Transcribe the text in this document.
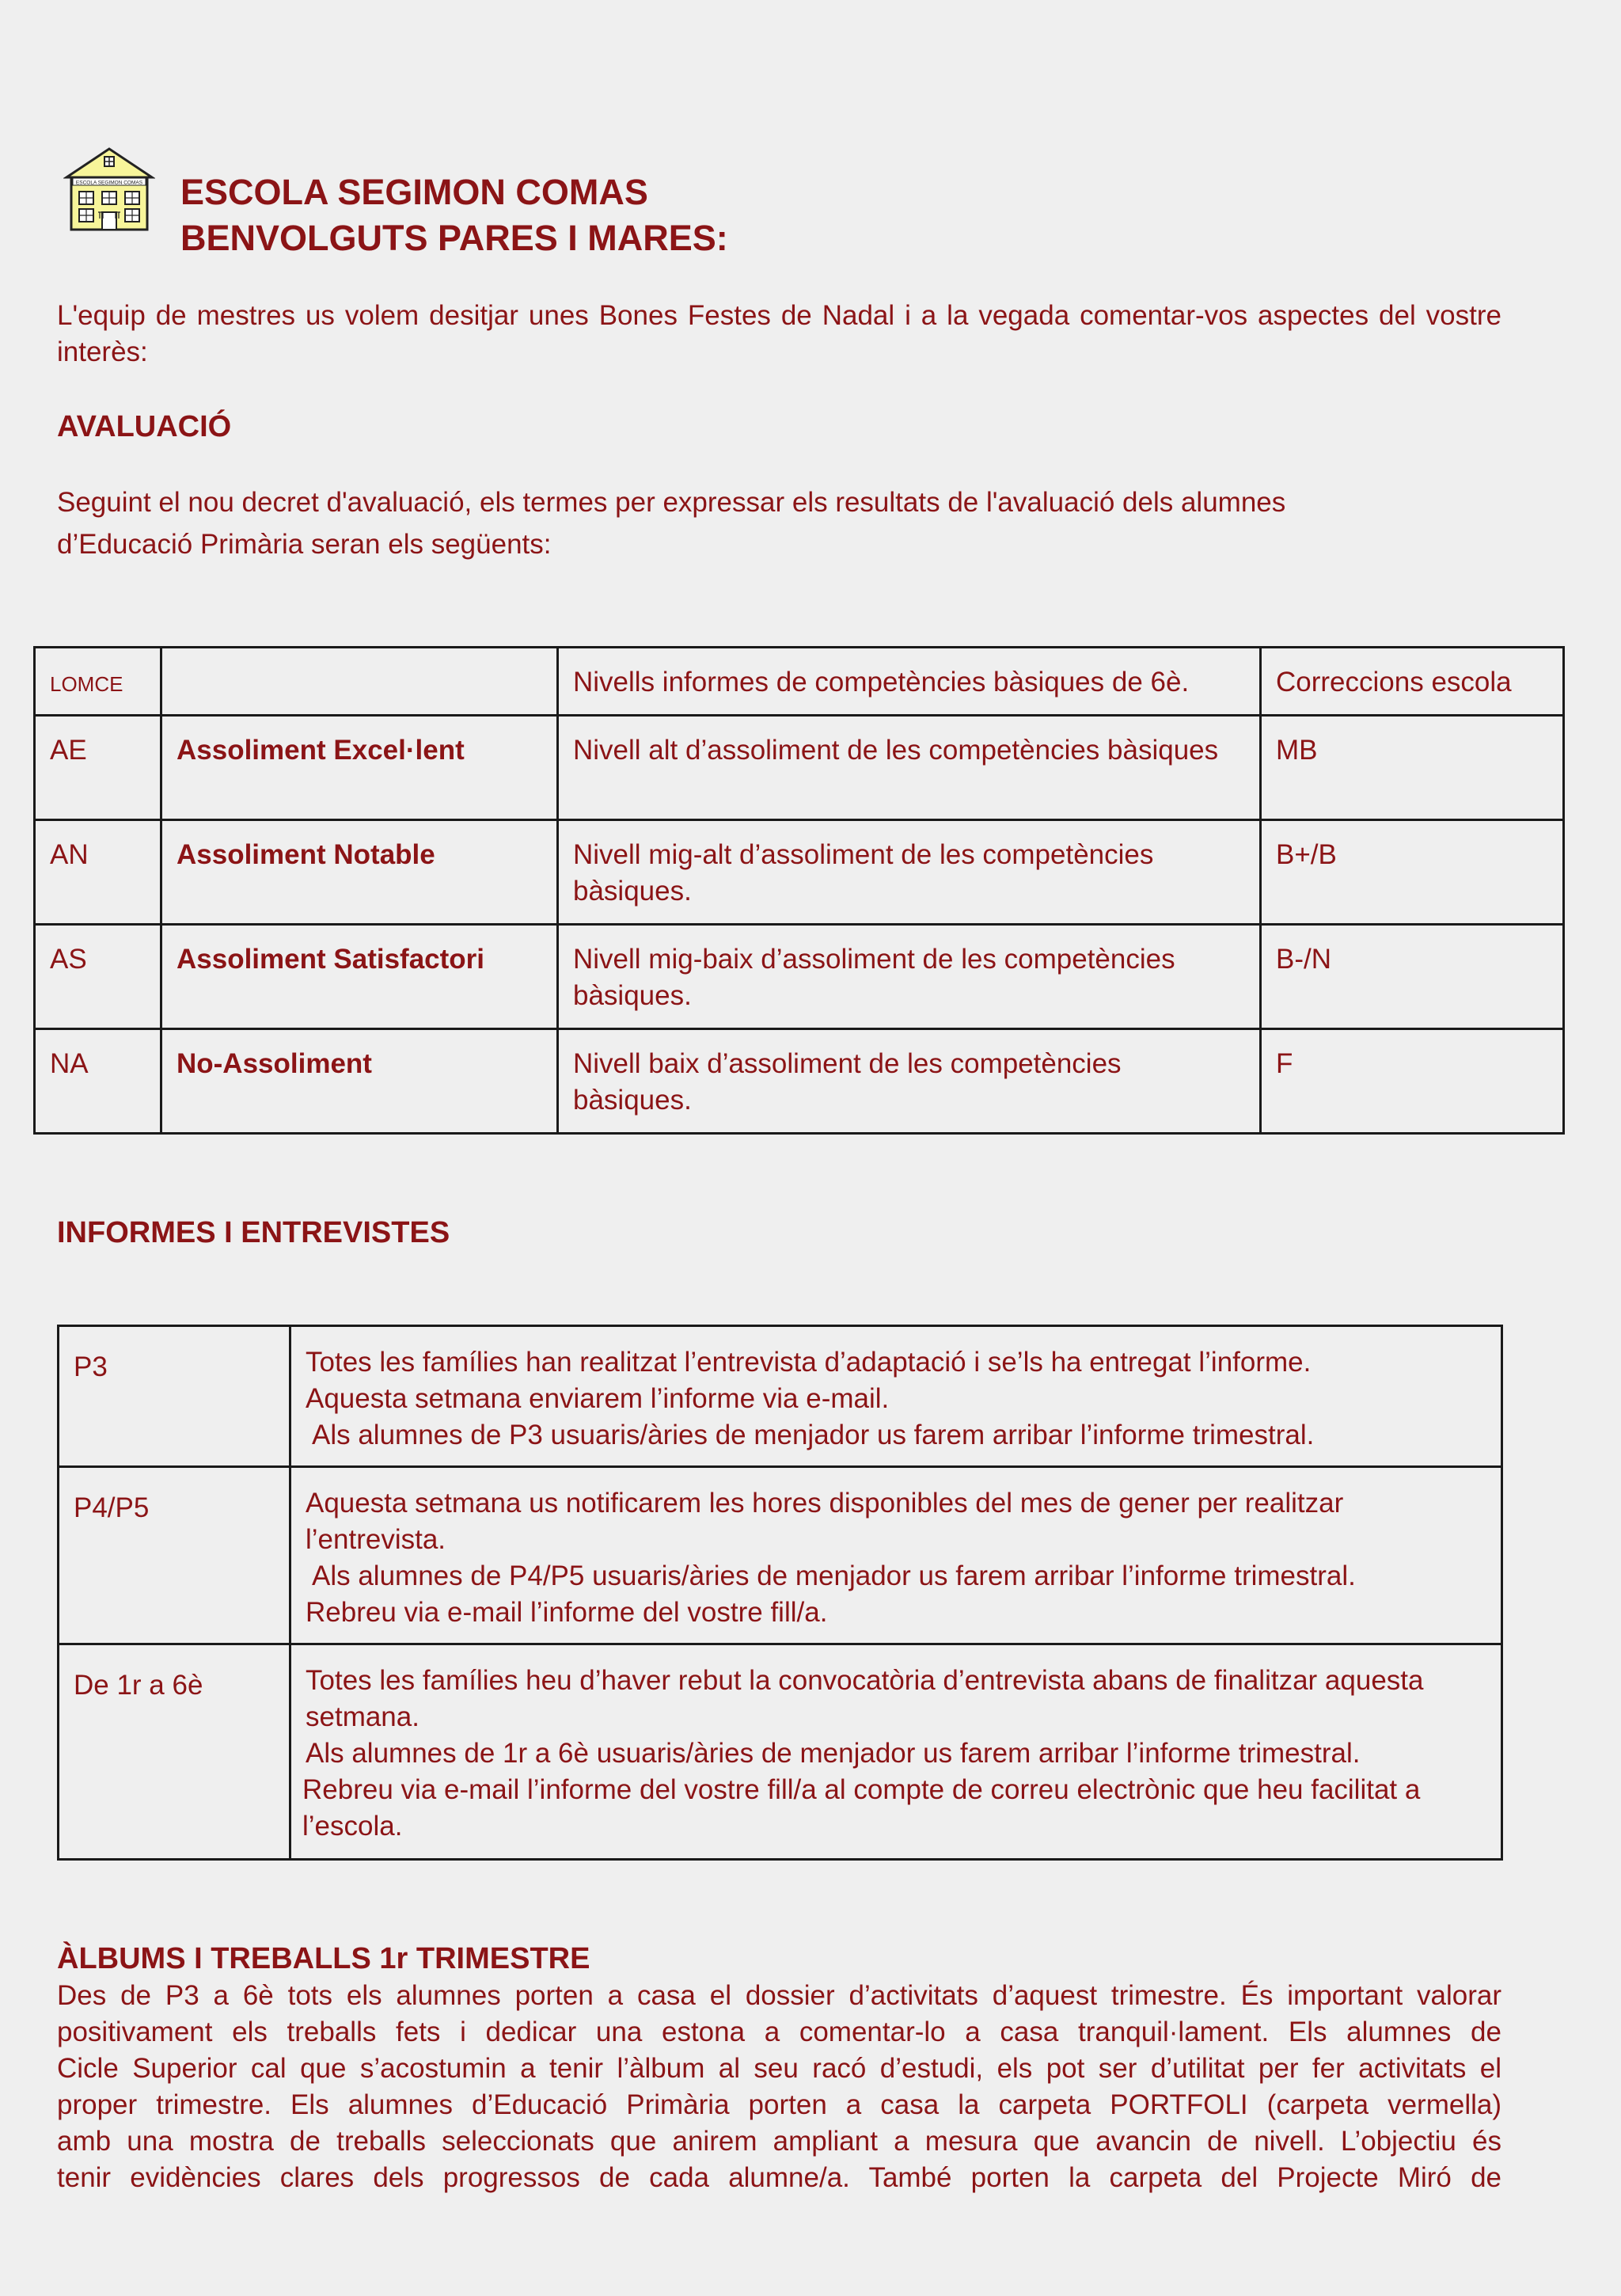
ESCOLA SEGIMON COMAS ESCOLA SEGIMON COMAS
BENVOLGUTS PARES I MARES:
L'equip de mestres us volem desitjar unes Bones Festes de Nadal i a la vegada comentar-vos aspectes del vostre interès:
AVALUACIÓ
Seguint el nou decret d'avaluació, els termes per expressar els resultats de l'avaluació dels alumnes
d’Educació Primària seran els següents:
LOMCE		Nivells informes de competències bàsiques de 6è.	Correccions escola
AE	Assoliment Excel·lent	Nivell alt d’assoliment de les competències bàsiques	MB
AN	Assoliment Notable	Nivell mig-alt d’assoliment de les competències bàsiques.	B+/B
AS	Assoliment Satisfactori	Nivell mig-baix d’assoliment de les competències bàsiques.	B-/N
NA	No-Assoliment	Nivell baix d’assoliment de les competències bàsiques.	F
INFORMES I ENTREVISTES
P3	Totes les famílies han realitzat l’entrevista d’adaptació i se’ls ha entregat l’informe.
Aquesta setmana enviarem l’informe via e-mail.
Als alumnes de P3 usuaris/àries de menjador us farem arribar l’informe trimestral.

P4/P5	Aquesta setmana us notificarem les hores disponibles del mes de gener per realitzar l’entrevista.
Als alumnes de P4/P5 usuaris/àries de menjador us farem arribar l’informe trimestral.
Rebreu via e-mail l’informe del vostre fill/a.

De 1r a 6è	Totes les famílies heu d’haver rebut la convocatòria d’entrevista abans de finalitzar aquesta setmana.
Als alumnes de 1r a 6è usuaris/àries de menjador us farem arribar l’informe trimestral.
Rebreu via e-mail l’informe del vostre fill/a al compte de correu electrònic que heu facilitat a l’escola.
ÀLBUMS I TREBALLS 1r TRIMESTRE
Des de P3 a 6è tots els alumnes porten a casa el dossier d’activitats d’aquest trimestre. És important valorar
positivament els treballs fets i dedicar una estona a comentar-lo a casa tranquil·lament. Els alumnes de
Cicle Superior cal que s’acostumin a tenir l’àlbum al seu racó d’estudi, els pot ser d’utilitat per fer activitats el
proper trimestre. Els alumnes d’Educació Primària porten a casa la carpeta PORTFOLI (carpeta vermella)
amb una mostra de treballs seleccionats que anirem ampliant a mesura que avancin de nivell. L’objectiu és
tenir evidències clares dels progressos de cada alumne/a. També porten la carpeta del Projecte Miró de
